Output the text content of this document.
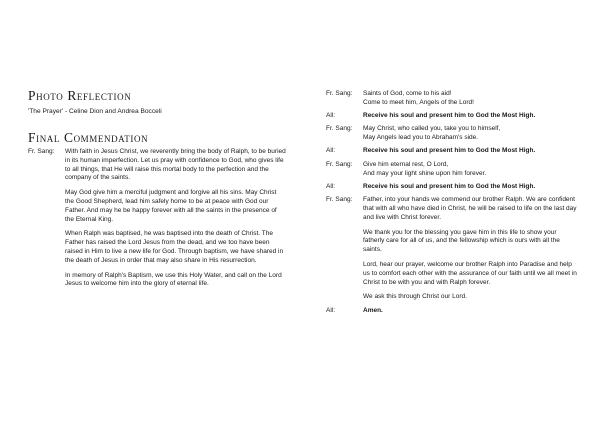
Photo Reflection

'The Prayer' - Celine Dion and Andrea Bocceli

Final Commendation
Fr. Sang:	With faith in Jesus Christ, we reverently bring the body of Ralph, to be buried in its human imperfection. Let us pray with confidence to God, who gives life to all things, that He will raise this mortal body to the perfection and the company of the saints.

May God give him a merciful judgment and forgive all his sins. May Christ the Good Shepherd, lead him safely home to be at peace with God our Father. And may he be happy forever with all the saints in the presence of the Eternal King.

When Ralph was baptised, he was baptised into the death of Christ. The Father has raised the Lord Jesus from the dead, and we too have been raised in Him to live a new life for God. Through baptism, we have shared in the death of Jesus in order that may also share in His resurrection.

In memory of Ralph's Baptism, we use this Holy Water, and call on the Lord Jesus to welcome him into the glory of eternal life.

Fr. Sang:	Saints of God, come to his aid!
Come to meet him, Angels of the Lord!
All:	Receive his soul and present him to God the Most High.
Fr. Sang:	May Christ, who called you, take you to himself,
May Angels lead you to Abraham's side.
All:	Receive his soul and present him to God the Most High.
Fr. Sang:	Give him eternal rest, O Lord,
And may your light shine upon him forever.
All:	Receive his soul and present him to God the Most High.
Fr. Sang:	Father, into your hands we commend our brother Ralph. We are confident that with all who have died in Christ, he will be raised to life on the last day and live with Christ forever.

We thank you for the blessing you gave him in this life to show your fatherly care for all of us, and the fellowship which is ours with all the saints.

Lord, hear our prayer, welcome our brother Ralph into Paradise and help us to comfort each other with the assurance of our faith until we all meet in Christ to be with you and with Ralph forever.

We ask this through Christ our Lord.

All:	Amen.
